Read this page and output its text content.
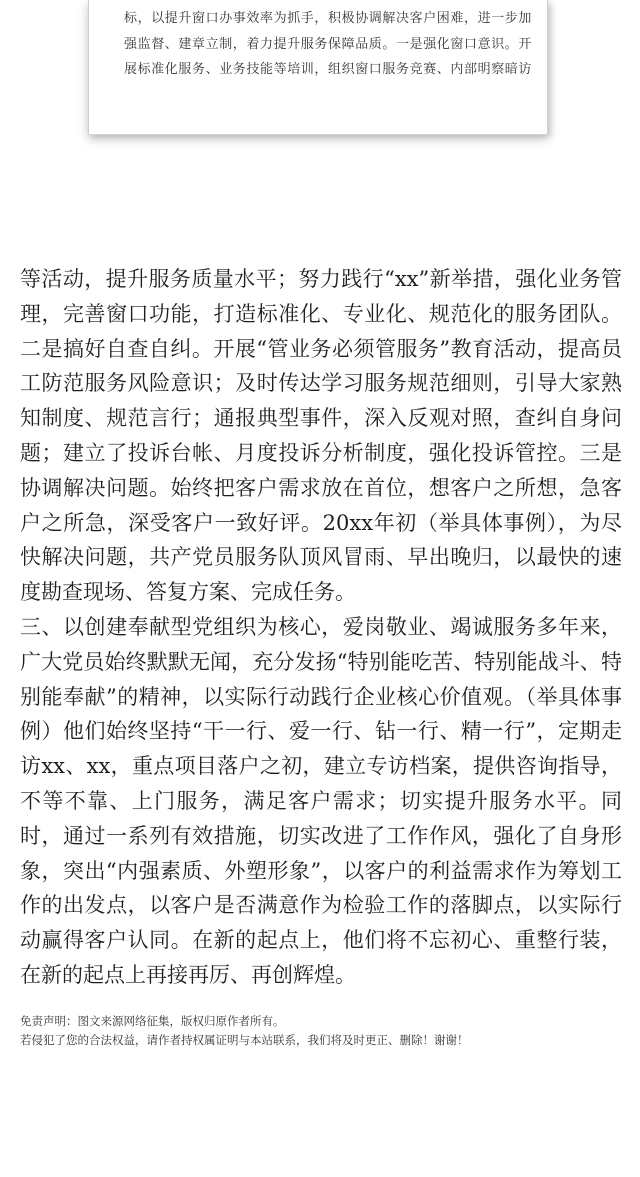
标，以提升窗口办事效率为抓手，积极协调解决客户困难，进一步加
强监督、建章立制，着力提升服务保障品质。一是强化窗口意识。开
展标准化服务、业务技能等培训，组织窗口服务竞赛、内部明察暗访

等活动，提升服务质量水平；努力践行“xx”新举措，强化业务管理，完善窗口功能，打造标准化、专业化、规范化的服务团队。二是搞好自查自纠。开展“管业务必须管服务”教育活动，提高员工防范服务风险意识；及时传达学习服务规范细则，引导大家熟知制度、规范言行；通报典型事件，深入反观对照，查纠自身问题；建立了投诉台帐、月度投诉分析制度，强化投诉管控。三是协调解决问题。始终把客户需求放在首位，想客户之所想，急客户之所急，深受客户一致好评。20xx年初（举具体事例），为尽快解决问题，共产党员服务队顶风冒雨、早出晚归，以最快的速度勘查现场、答复方案、完成任务。

三、以创建奉献型党组织为核心，爱岗敬业、竭诚服务多年来，广大党员始终默默无闻，充分发扬“特别能吃苦、特别能战斗、特别能奉献”的精神，以实际行动践行企业核心价值观。（举具体事例）他们始终坚持“干一行、爱一行、钻一行、精一行”，定期走访xx、xx，重点项目落户之初，建立专访档案，提供咨询指导，不等不靠、上门服务，满足客户需求；切实提升服务水平。同时，通过一系列有效措施，切实改进了工作作风，强化了自身形象，突出“内强素质、外塑形象”，以客户的利益需求作为筹划工作的出发点，以客户是否满意作为检验工作的落脚点，以实际行动赢得客户认同。在新的起点上，他们将不忘初心、重整行装，在新的起点上再接再厉、再创辉煌。

免责声明：图文来源网络征集，版权归原作者所有。

若侵犯了您的合法权益，请作者持权属证明与本站联系，我们将及时更正、删除！谢谢！
